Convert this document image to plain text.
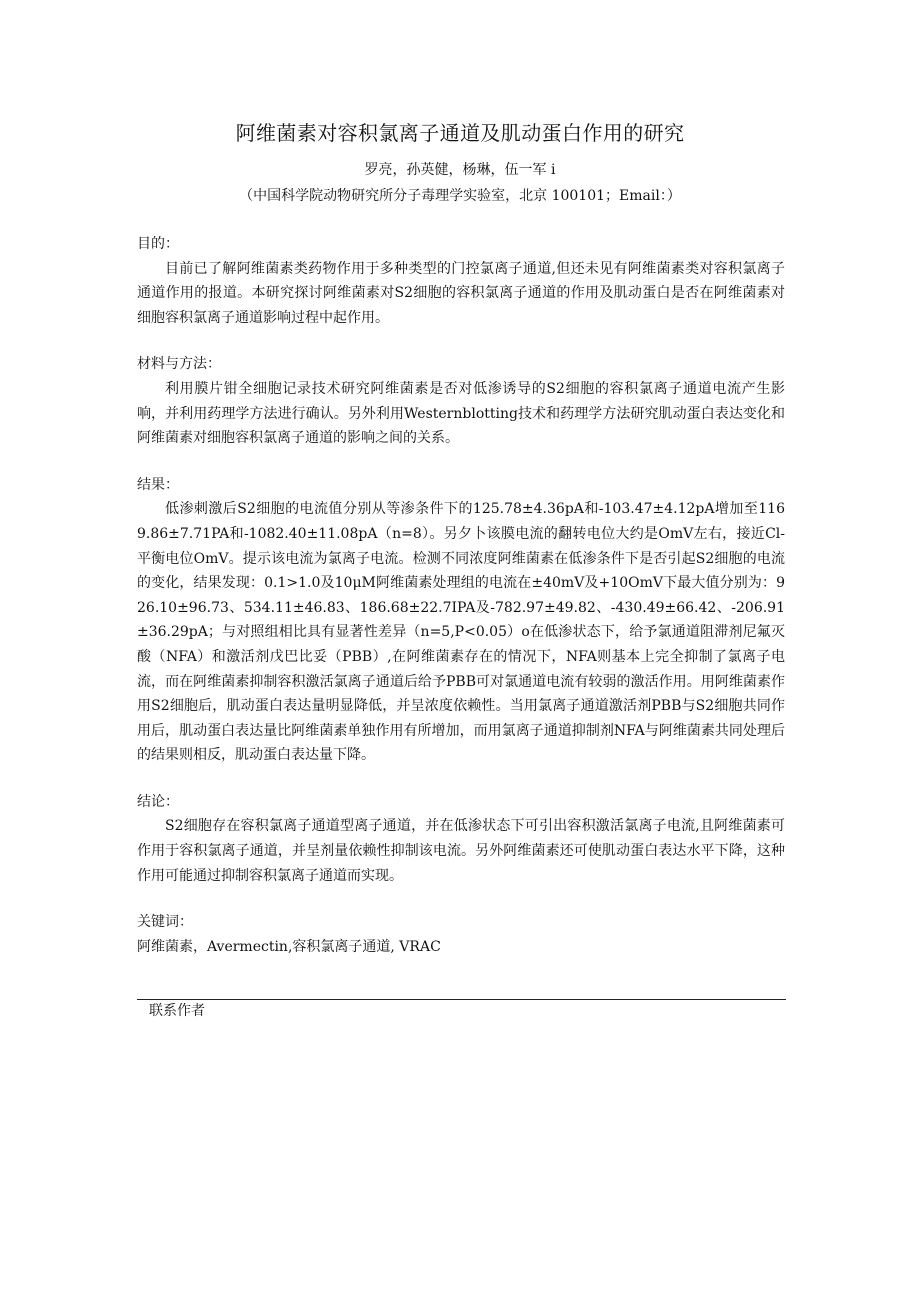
阿维菌素对容积氯离子通道及肌动蛋白作用的研究
罗亮，孙英健，杨琳，伍一军 i
（中国科学院动物研究所分子毒理学实验室，北京 100101；Email：）
目的：

目前已了解阿维菌素类药物作用于多种类型的门控氯离子通道,但还未见有阿维菌素类对容积氯离子通道作用的报道。本研究探讨阿维菌素对S2细胞的容积氯离子通道的作用及肌动蛋白是否在阿维菌素对细胞容积氯离子通道影响过程中起作用。

材料与方法：

利用膜片钳全细胞记录技术研究阿维菌素是否对低渗诱导的S2细胞的容积氯离子通道电流产生影响，并利用药理学方法进行确认。另外利用Westernblotting技术和药理学方法研究肌动蛋白表达变化和阿维菌素对细胞容积氯离子通道的影响之间的关系。

结果：

低渗刺激后S2细胞的电流值分别从等渗条件下的125.78±4.36pA和-103.47±4.12pA增加至1169.86±7.71PA和-1082.40±11.08pA（n=8）。另夕卜该膜电流的翻转电位大约是OmV左右，接近Cl-平衡电位OmV。提示该电流为氯离子电流。检测不同浓度阿维菌素在低渗条件下是否引起S2细胞的电流的变化，结果发现：0.1>1.0及10μM阿维菌素处理组的电流在±40mV及+10OmV下最大值分别为：926.10±96.73、534.11±46.83、186.68±22.7IPA及-782.97±49.82、-430.49±66.42、-206.91±36.29pA；与对照组相比具有显著性差异（n=5,P<0.05）o在低渗状态下，给予氯通道阻滞剂尼氟灭酸（NFA）和激活剂戊巴比妥（PBB）,在阿维菌素存在的情况下，NFA则基本上完全抑制了氯离子电流，而在阿维菌素抑制容积激活氯离子通道后给予PBB可对氯通道电流有较弱的激活作用。用阿维菌素作用S2细胞后，肌动蛋白表达量明显降低，并呈浓度依赖性。当用氯离子通道激活剂PBB与S2细胞共同作用后，肌动蛋白表达量比阿维菌素单独作用有所增加，而用氯离子通道抑制剂NFA与阿维菌素共同处理后的结果则相反，肌动蛋白表达量下降。

结论：

S2细胞存在容积氯离子通道型离子通道，并在低渗状态下可引出容积激活氯离子电流,且阿维菌素可作用于容积氯离子通道，并呈剂量依赖性抑制该电流。另外阿维菌素还可使肌动蛋白表达水平下降，这种作用可能通过抑制容积氯离子通道而实现。

关键词：

阿维菌素，Avermectin,容积氯离子通道, VRAC

联系作者
